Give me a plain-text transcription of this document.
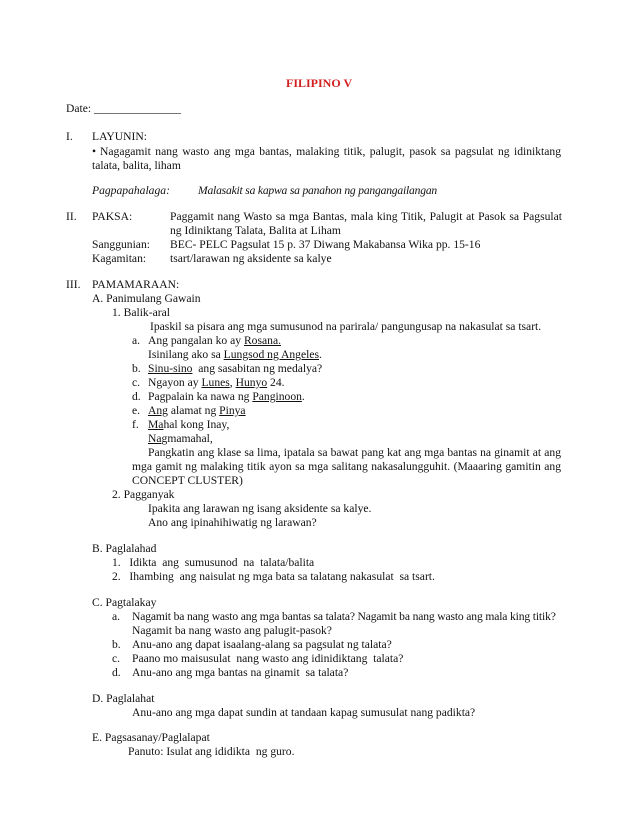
FILIPINO V
Date: _______________
I. LAYUNIN:
• Nagagamit nang wasto ang mga bantas, malaking titik, palugit, pasok sa pagsulat ng idiniktang
talata, balita, liham
Pagpapahalaga: Malasakit sa kapwa sa panahon ng pangangailangan
II. PAKSA:	Paggamit nang Wasto sa mga Bantas, mala king Titik, Palugit at Pasok sa Pagsulat
ng Idiniktang Talata, Balita at Liham
Sanggunian: BEC- PELC Pagsulat 15 p. 37 Diwang Makabansa Wika pp. 15-16
Kagamitan: tsart/larawan ng aksidente sa kalye
III. PAMAMARAAN:
A. Panimulang Gawain
1. Balik-aral
Ipaskil sa pisara ang mga sumusunod na parirala/ pangungusap na nakasulat sa tsart.
a. Ang pangalan ko ay Rosana.
Isinilang ako sa Lungsod ng Angeles.
b. Sinu-sino  ang sasabitan ng medalya?
c. Ngayon ay Lunes, Hunyo 24.
d. Pagpalain ka nawa ng Panginoon.
e. Ang alamat ng Pinya
f. Mahal kong Inay,
Nagmamahal,
Pangkatin ang klase sa lima, ipatala sa bawat pang kat ang mga bantas na ginamit at ang
mga gamit ng malaking titik ayon sa mga salitang nakasalungguhit. (Maaaring gamitin ang
CONCEPT CLUSTER)
2. Pagganyak
Ipakita ang larawan ng isang aksidente sa kalye.
Ano ang ipinahihiwatig ng larawan?
B. Paglalahad
1.   Idikta  ang  sumusunod  na  talata/balita
2.   Ihambing  ang naisulat ng mga bata sa talatang nakasulat  sa tsart.
C. Pagtalakay
a. Nagamit ba nang wasto ang mga bantas sa talata? Nagamit ba nang wasto ang mala king titik?
Nagamit ba nang wasto ang palugit-pasok?
b. Anu-ano ang dapat isaalang-alang sa pagsulat ng talata?
c. Paano mo maisusulat  nang wasto ang idinidiktang  talata?
d. Anu-ano ang mga bantas na ginamit  sa talata?
D. Paglalahat
Anu-ano ang mga dapat sundin at tandaan kapag sumusulat nang padikta?
E. Pagsasanay/Paglalapat
Panuto: Isulat ang ididikta  ng guro.
